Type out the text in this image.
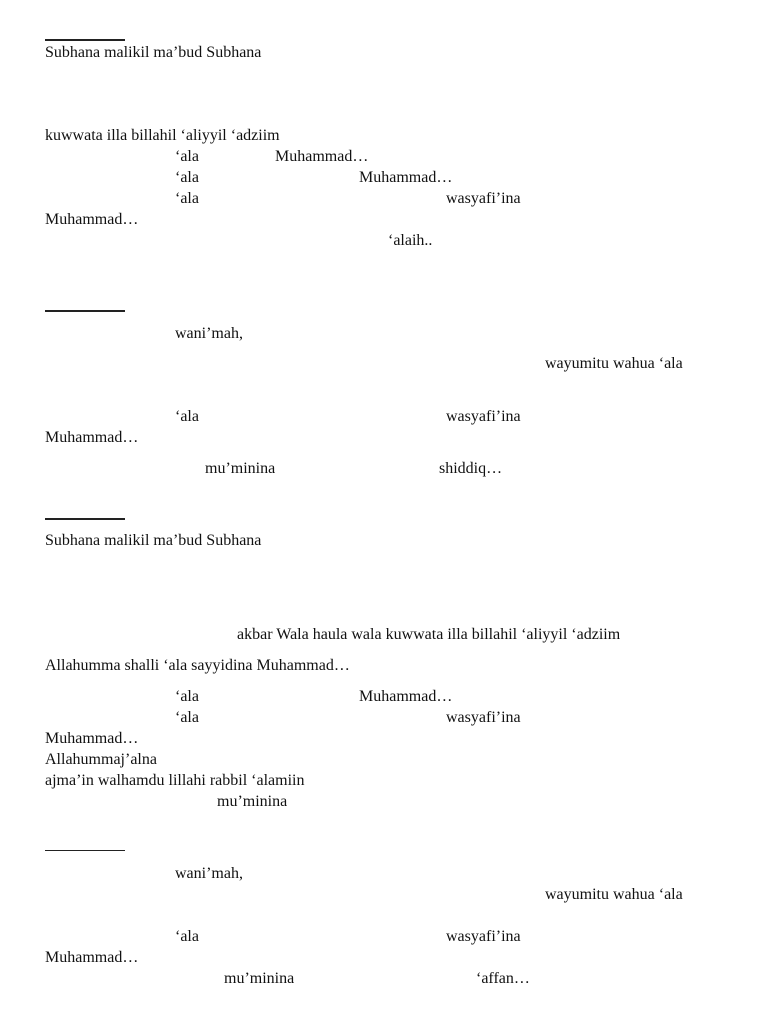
Subhana malikil ma’bud Subhana
kuwwata illa billahil ‘aliyyil ‘adziim
‘ala	Muhammad…
‘ala	Muhammad…
‘ala	wasyafi’ina
Muhammad…
‘alaih..
wani’mah,
wayumitu wahua ‘ala
‘ala	wasyafi’ina
Muhammad…
mu’minina	shiddiq…
Subhana malikil ma’bud Subhana
akbar Wala haula wala kuwwata illa billahil ‘aliyyil ‘adziim
Allahumma shalli ‘ala sayyidina Muhammad…
‘ala	Muhammad…
‘ala	wasyafi’ina
Muhammad…
Allahummaj’alna
ajma’in walhamdu lillahi rabbil ‘alamiin
mu’minina
wani’mah,
wayumitu wahua ‘ala
‘ala	wasyafi’ina
Muhammad…
mu’minina	‘affan…
